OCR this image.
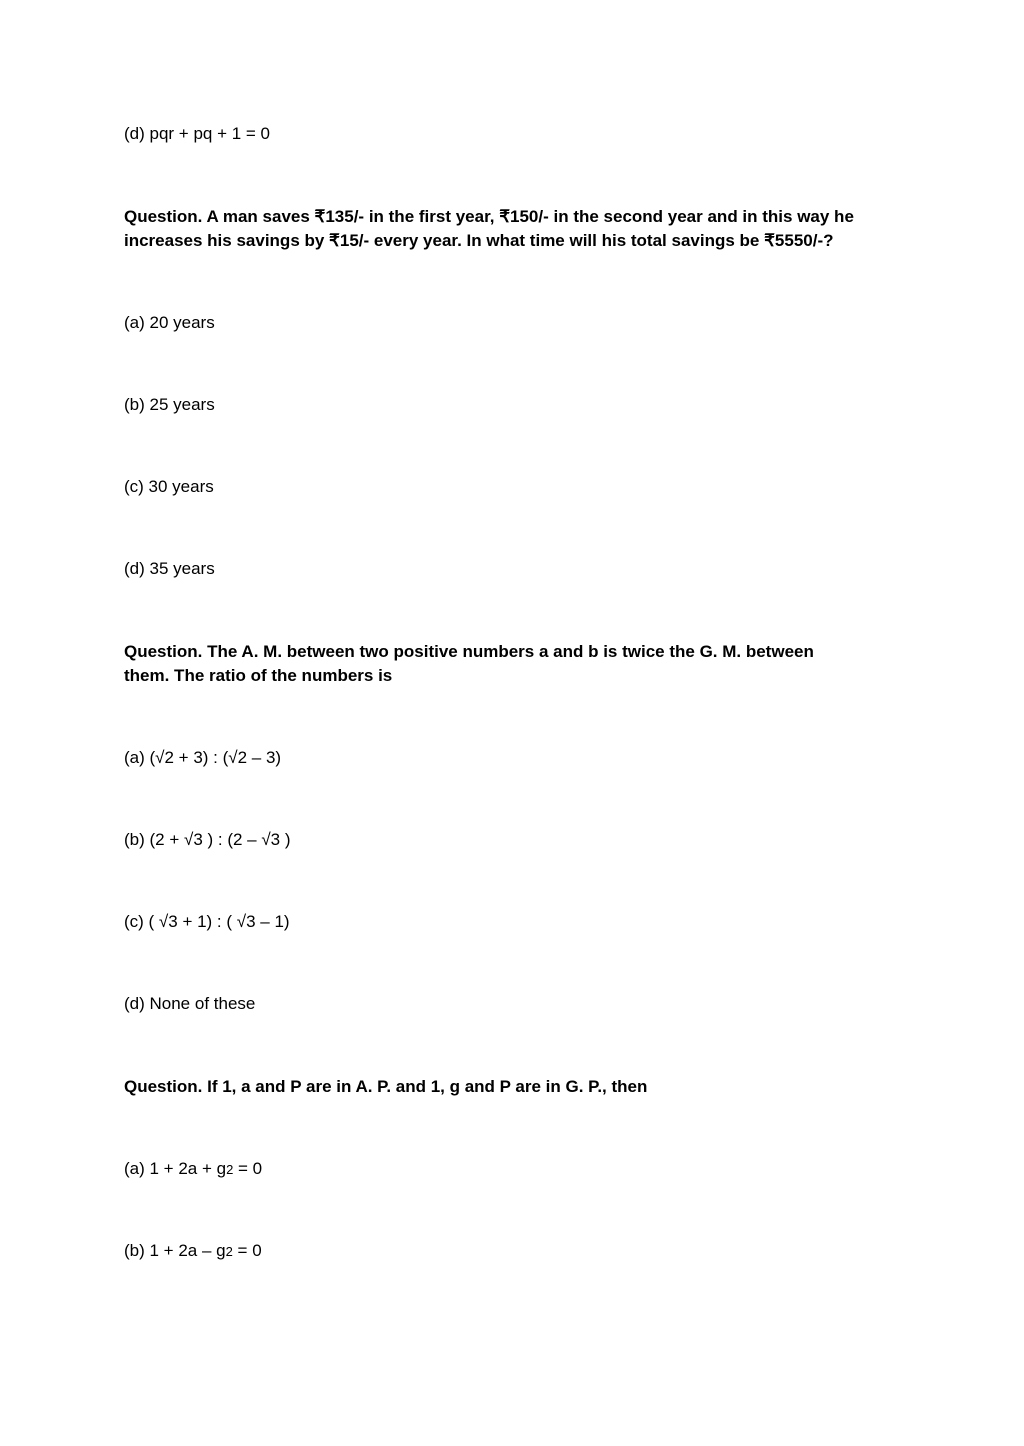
(d) pqr + pq + 1 = 0
Question. A man saves ₹135/- in the first year, ₹150/- in the second year and in this way he
increases his savings by ₹15/- every year. In what time will his total savings be ₹5550/-?
(a) 20 years
(b) 25 years
(c) 30 years
(d) 35 years
Question. The A. M. between two positive numbers a and b is twice the G. M. between
them. The ratio of the numbers is
(a) (√2 + 3) : (√2 – 3)
(b) (2 + √3 ) : (2 – √3 )
(c) ( √3 + 1) : ( √3 – 1)
(d) None of these
Question. If 1, a and P are in A. P. and 1, g and P are in G. P., then
(a) 1 + 2a + g2 = 0
(b) 1 + 2a – g2 = 0
